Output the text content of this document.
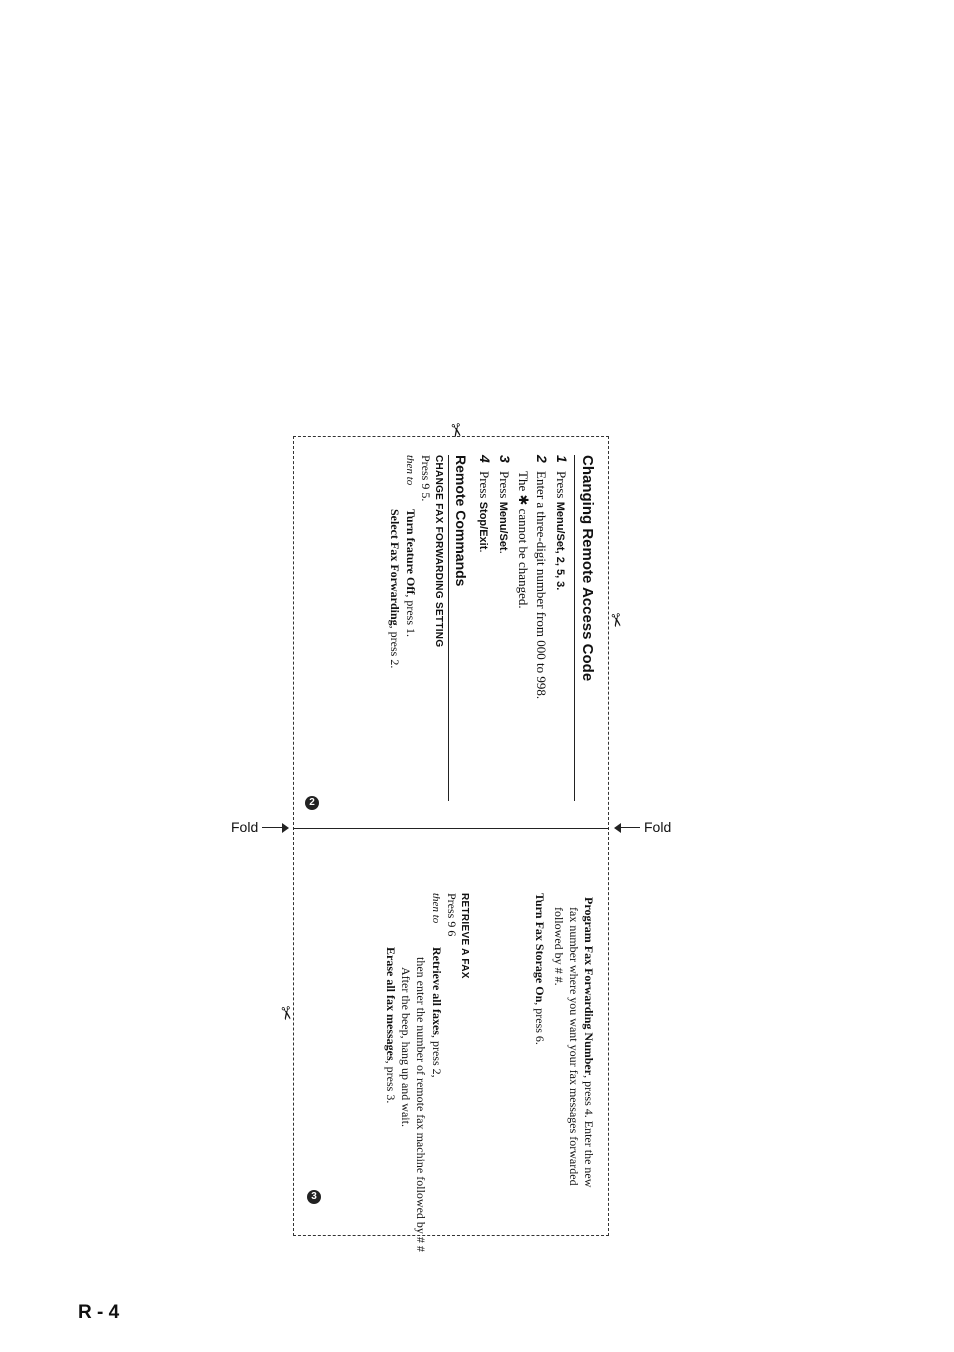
Fold	Fold
✂
✂
✂
2
3
Changing Remote Access Code
1Press Menu/Set, 2, 5, 3.
2Enter a three-digit number from 000 to 998.
The ✱ cannot be changed.
3Press Menu/Set.
4Press Stop/Exit.
Remote Commands
CHANGE FAX FORWARDING SETTING
Press 9 5.
then toTurn feature Off, press 1.
Select Fax Forwarding, press 2.
Program Fax Forwarding Number, press 4. Enter the new
fax number where you want your fax messages forwarded
followed by # #.
Turn Fax Storage On, press 6.
RETRIEVE A FAX
Press 9 6
then toRetrieve all faxes, press 2,
then enter the number of remote fax machine followed by # #
After the beep, hang up and wait.
Erase all fax messages, press 3.
R - 4
